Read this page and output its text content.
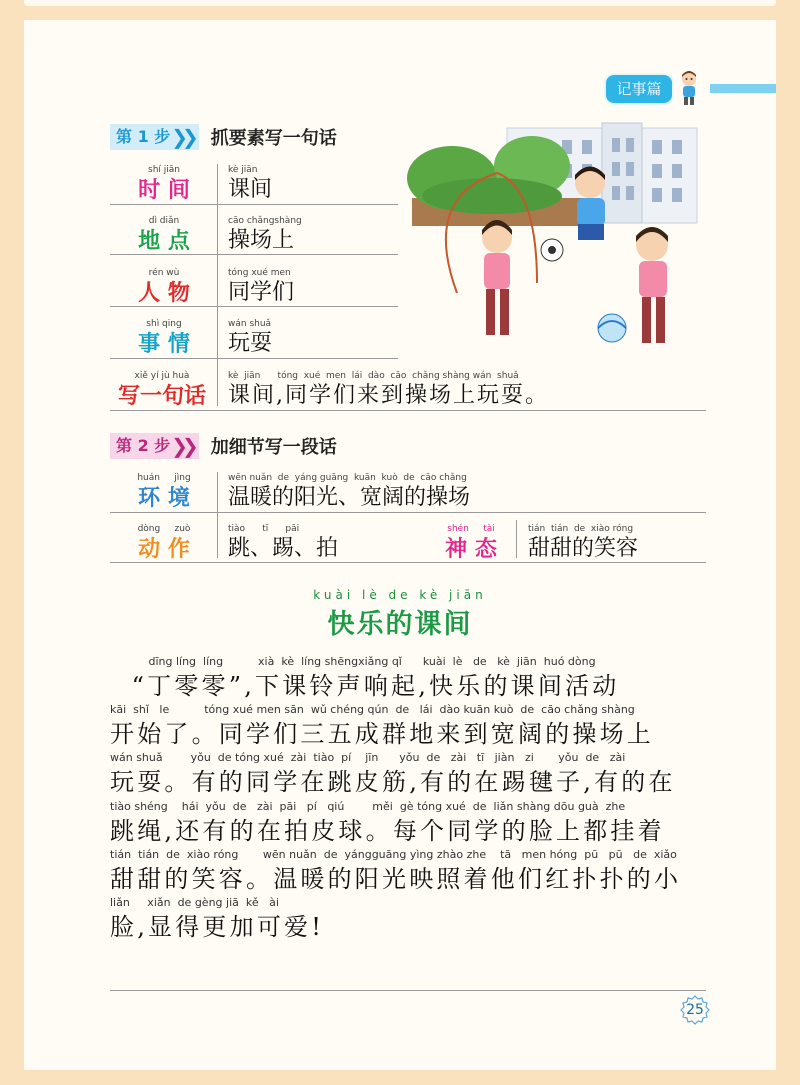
记事篇
第 1 步 ❯❯ 抓要素写一句话
shí jiān
时 间
kè jiān
课间
dì diǎn
地 点
cāo chǎngshàng
操场上
rén wù
人 物
tóng xué men
同学们
shì qing
事 情
wán shuǎ
玩耍
xiě yí jù huà
写一句话
kè  jiān      tóng  xué  men  lái  dào  cāo  chǎng shàng wán  shuǎ
课间,同学们来到操场上玩耍。
第 2 步 ❯❯ 加细节写一段话
huán     jìng
环 境
wēn nuǎn  de  yáng guāng  kuān  kuò  de  cāo chǎng
温暖的阳光、宽阔的操场
dòng     zuò
动 作
tiào      tī      pāi
跳、踢、拍
shén     tài
神 态
tián  tián  de  xiào róng
甜甜的笑容
kuài lè de kè jiān
快乐的课间
dīng líng  líng          xià  kè  líng shēngxiǎng qǐ      kuài  lè   de   kè  jiān  huó dòng
“丁零零”,下课铃声响起,快乐的课间活动
kāi  shǐ   le          tóng xué men sān  wǔ chéng qún  de   lái  dào kuān kuò  de  cāo chǎng shàng
开始了。同学们三五成群地来到宽阔的操场上
wán shuǎ        yǒu  de tóng xué  zài  tiào  pí    jīn      yǒu  de   zài   tī   jiàn   zi       yǒu  de   zài
玩耍。有的同学在跳皮筋,有的在踢毽子,有的在
tiào shéng    hái  yǒu  de   zài  pāi   pí   qiú        měi  gè tóng xué  de  liǎn shàng dōu guà  zhe
跳绳,还有的在拍皮球。每个同学的脸上都挂着
tián  tián  de  xiào róng       wēn nuǎn  de  yángguāng yìng zhào zhe    tā   men hóng  pū   pū   de  xiǎo
甜甜的笑容。温暖的阳光映照着他们红扑扑的小
liǎn     xiǎn  de gèng jiā  kě   ài
脸,显得更加可爱!
25
